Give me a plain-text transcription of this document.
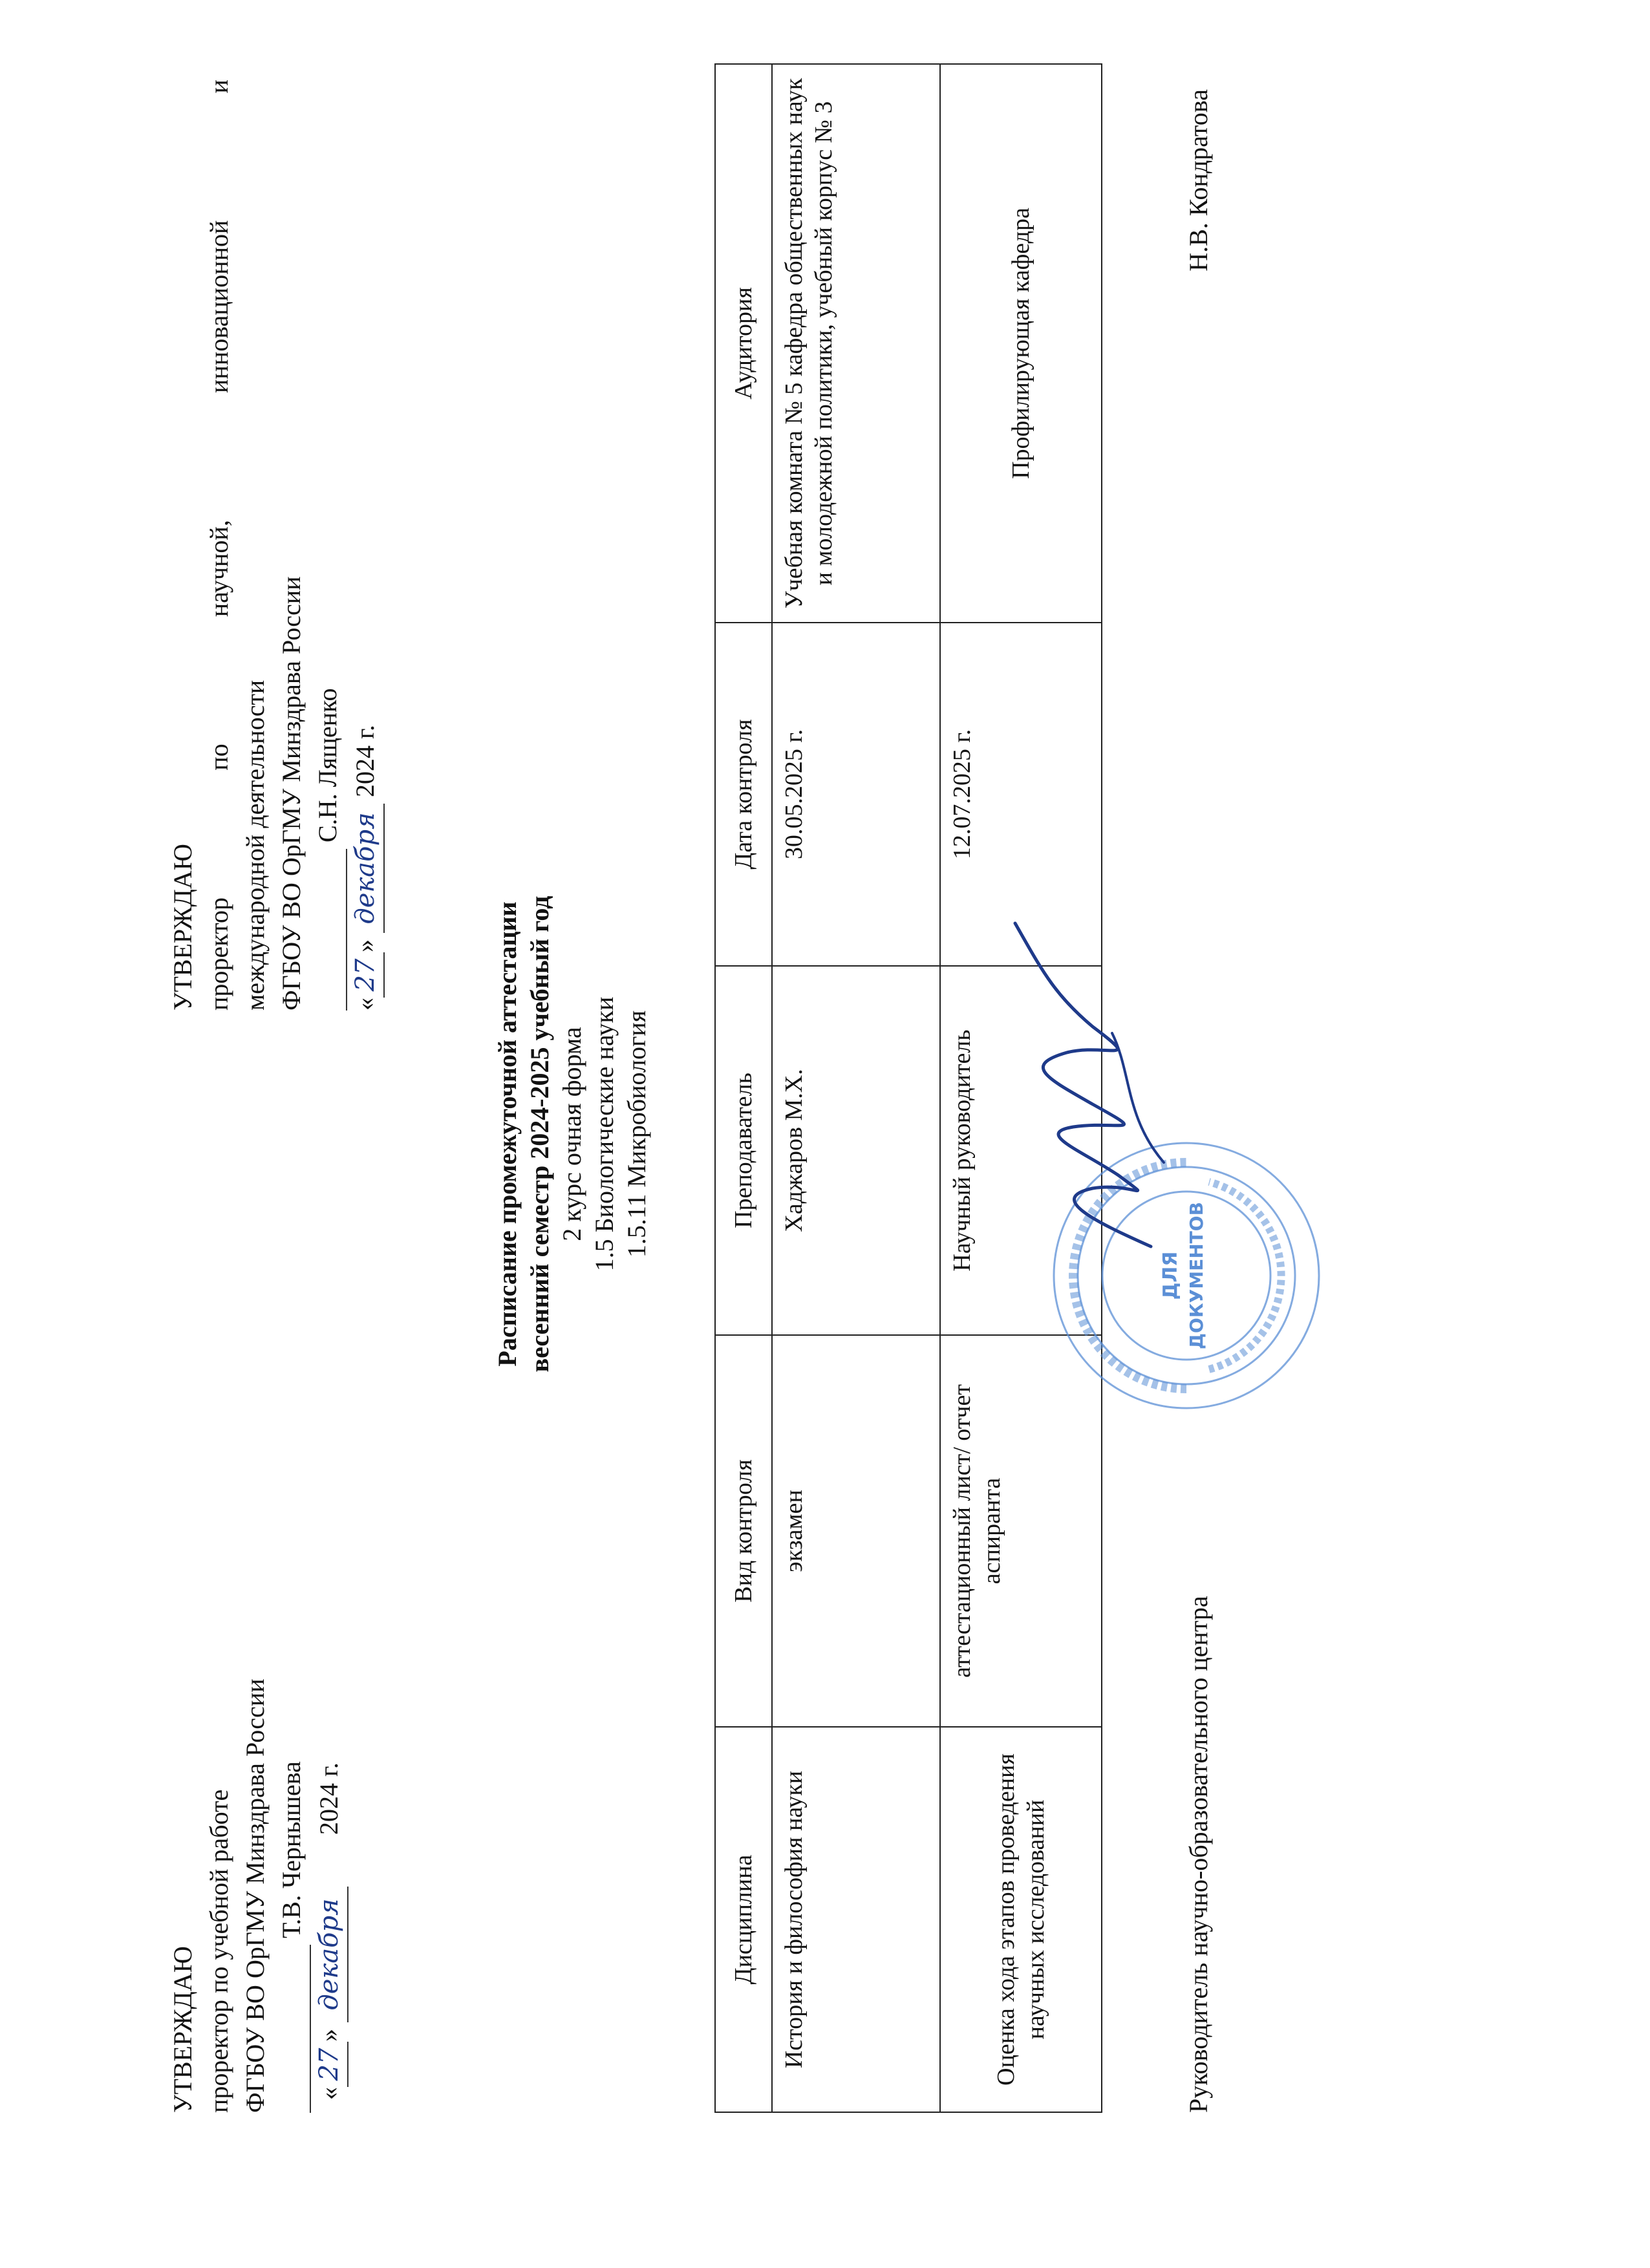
УТВЕРЖДАЮ проректор по учебной работе ФГБОУ ВО ОрГМУ Минздрава России Т.В. Чернышева
«27» декабря  2024 г.
УТВЕРЖДАЮ проректор
по
научной,
инновационной
и
международной деятельности ФГБОУ ВО ОрГМУ Минздрава России С.Н. Лященко
«27» декабря 2024 г.
Расписание промежуточной аттестации весенний семестр 2024-2025 учебный год 2 курс очная форма 1.5 Биологические науки 1.5.11 Микробиология
Дисциплина	Вид контроля	Преподаватель	Дата контроля	Аудитория
История и философия науки	экзамен	Хаджаров М.Х.	30.05.2025 г.	Учебная комната № 5 кафедра общественных наук и молодежной политики, учебный корпус № 3
Оценка хода этапов проведения научных исследований	аттестационный лист/ отчет аспиранта	Научный руководитель	12.07.2025 г.	Профилирующая кафедра
ДЛЯ ДОКУМЕНТОВ
Руководитель научно-образовательного центра
Н.В. Кондратова
